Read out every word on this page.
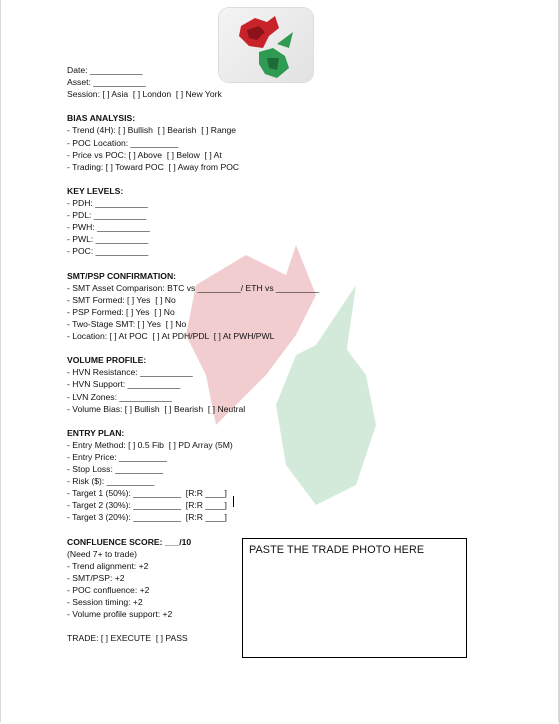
Date: ___________
Asset: ___________
Session: [ ] Asia  [ ] London  [ ] New York
BIAS ANALYSIS:
- Trend (4H): [ ] Bullish  [ ] Bearish  [ ] Range
- POC Location: __________
- Price vs POC: [ ] Above  [ ] Below  [ ] At
- Trading: [ ] Toward POC  [ ] Away from POC
KEY LEVELS:
- PDH: ___________
- PDL: ___________
- PWH: ___________
- PWL: ___________
- POC: ___________
SMT/PSP CONFIRMATION:
- SMT Asset Comparison: BTC vs _________/ ETH vs _________
- SMT Formed: [ ] Yes  [ ] No
- PSP Formed: [ ] Yes  [ ] No
- Two-Stage SMT: [ ] Yes  [ ] No
- Location: [ ] At POC  [ ] At PDH/PDL  [ ] At PWH/PWL
VOLUME PROFILE:
- HVN Resistance: ___________
- HVN Support: ___________
- LVN Zones: ___________
- Volume Bias: [ ] Bullish  [ ] Bearish  [ ] Neutral
ENTRY PLAN:
- Entry Method: [ ] 0.5 Fib  [ ] PD Array (5M)
- Entry Price: __________
- Stop Loss: __________
- Risk ($): __________
- Target 1 (50%): __________  [R:R ____]
- Target 2 (30%): __________  [R:R ____]
- Target 3 (20%): __________  [R:R ____]
CONFLUENCE SCORE: ___/10
(Need 7+ to trade)
- Trend alignment: +2
- SMT/PSP: +2
- POC confluence: +2
- Session timing: +2
- Volume profile support: +2
TRADE: [ ] EXECUTE  [ ] PASS
PASTE THE TRADE PHOTO HERE
